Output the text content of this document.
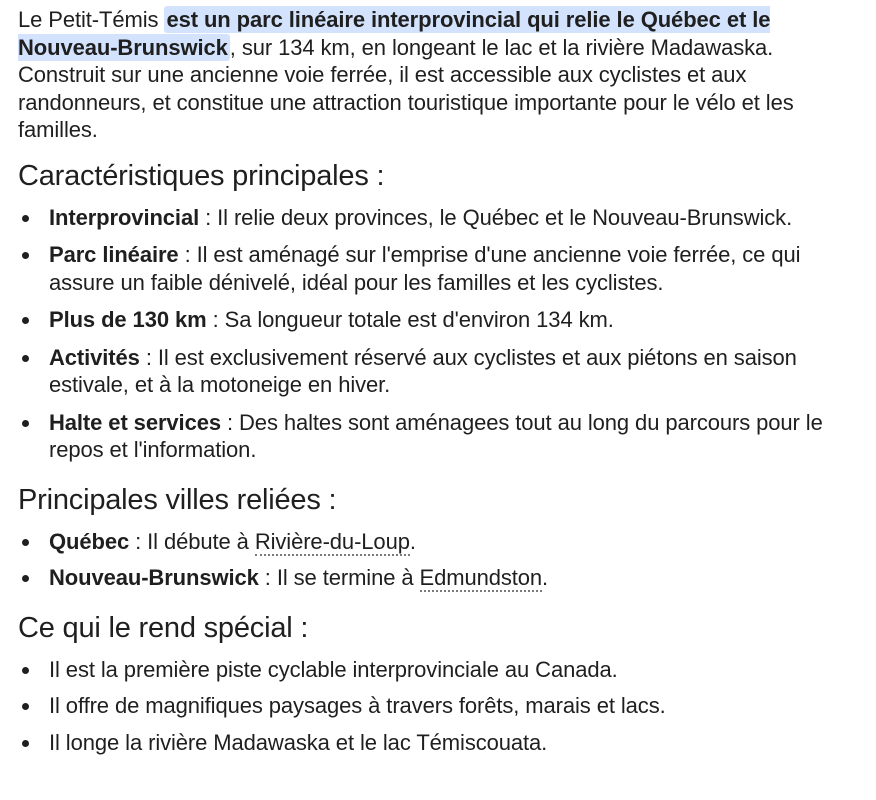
Le Petit-Témis est un parc linéaire interprovincial qui relie le Québec et le
Nouveau-Brunswick, sur 134 km, en longeant le lac et la rivière Madawaska. Construit sur une ancienne voie ferrée, il est accessible aux cyclistes et aux randonneurs, et constitue une attraction touristique importante pour le vélo et les familles.

Caractéristiques principales :
Interprovincial : Il relie deux provinces, le Québec et le Nouveau-Brunswick.
Parc linéaire : Il est aménagé sur l'emprise d'une ancienne voie ferrée, ce qui assure un faible dénivelé, idéal pour les familles et les cyclistes.
Plus de 130 km : Sa longueur totale est d'environ 134 km.
Activités : Il est exclusivement réservé aux cyclistes et aux piétons en saison estivale, et à la motoneige en hiver.
Halte et services : Des haltes sont aménagees tout au long du parcours pour le repos et l'information.
Principales villes reliées :
Québec : Il débute à Rivière-du-Loup.
Nouveau-Brunswick : Il se termine à Edmundston.
Ce qui le rend spécial :
Il est la première piste cyclable interprovinciale au Canada.
Il offre de magnifiques paysages à travers forêts, marais et lacs.
Il longe la rivière Madawaska et le lac Témiscouata.
